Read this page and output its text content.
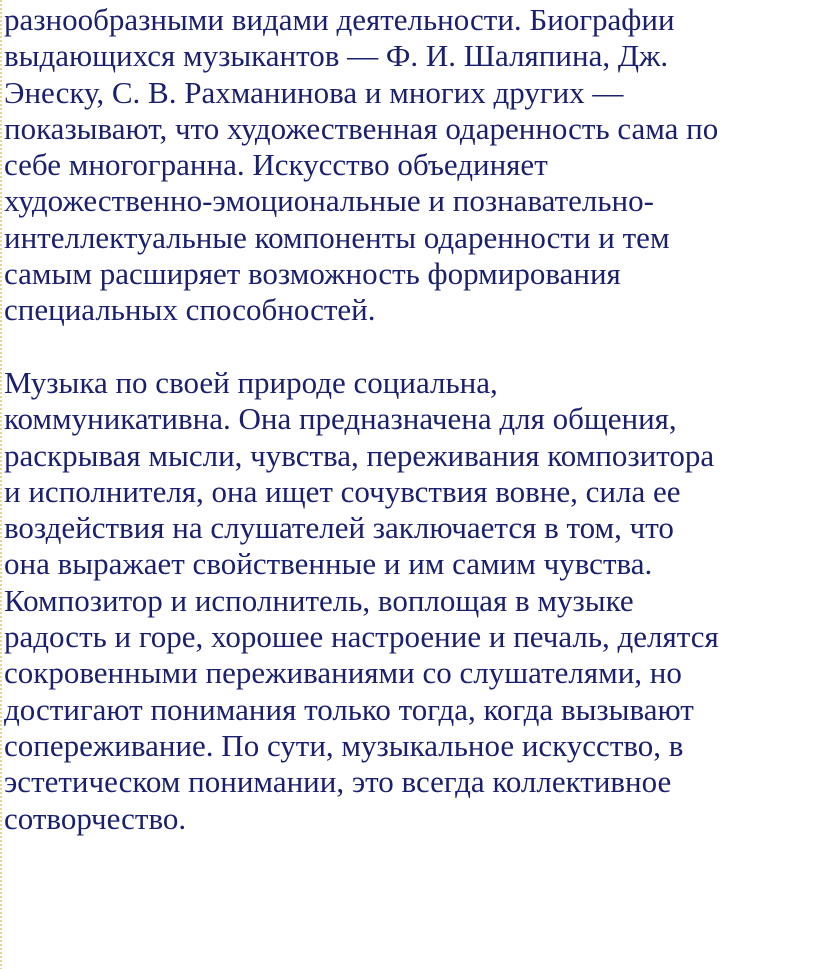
разнообразными видами деятельности. Биографии
выдающихся музыкантов — Ф. И. Шаляпина, Дж.
Энеску, С. В. Рахманинова и многих других —
показывают, что художественная одаренность сама по
себе многогранна. Искусство объединяет
художественно-эмоциональные и познавательно-
интеллектуальные компоненты одаренности и тем
самым расширяет возможность формирования
специальных способностей.
Музыка по своей природе социальна,
коммуникативна. Она предназначена для общения,
раскрывая мысли, чувства, переживания композитора
и исполнителя, она ищет сочувствия вовне, сила ее
воздействия на слушателей заключается в том, что
она выражает свойственные и им самим чувства.
Композитор и исполнитель, воплощая в музыке
радость и горе, хорошее настроение и печаль, делятся
сокровенными переживаниями со слушателями, но
достигают понимания только тогда, когда вызывают
сопереживание. По сути, музыкальное искусство, в
эстетическом понимании, это всегда коллективное
сотворчество.
